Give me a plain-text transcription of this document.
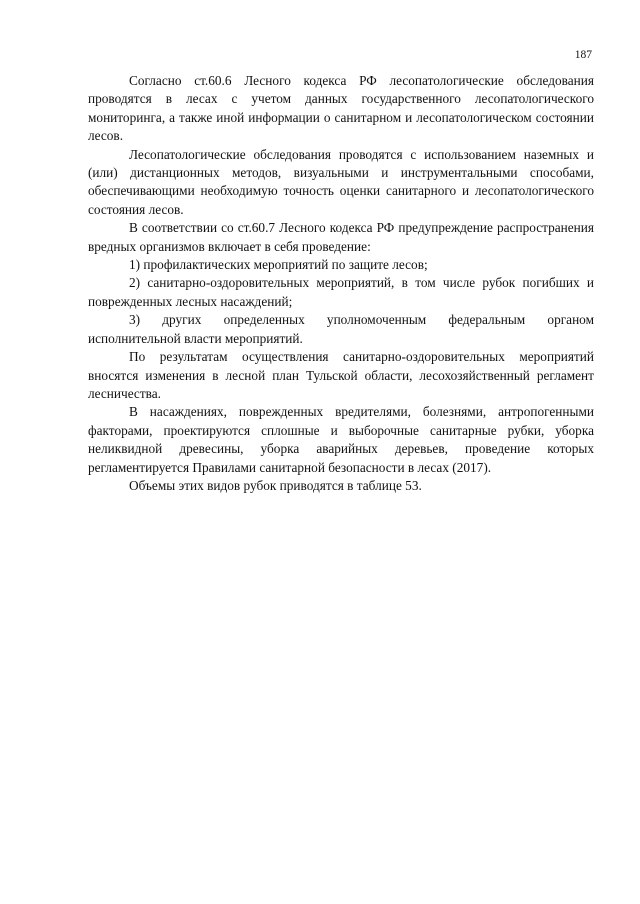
187

Согласно ст.60.6 Лесного кодекса РФ лесопатологические обследования проводятся в лесах с учетом данных государственного лесопатологического мониторинга, а также иной информации о санитарном и лесопатологическом состоянии лесов.

Лесопатологические обследования проводятся с использованием наземных и (или) дистанционных методов, визуальными и инструментальными способами, обеспечивающими необходимую точность оценки санитарного и лесопатологического состояния лесов.

В соответствии со ст.60.7 Лесного кодекса РФ предупреждение распространения вредных организмов включает в себя проведение:

1) профилактических мероприятий по защите лесов;

2) санитарно-оздоровительных мероприятий, в том числе рубок погибших и поврежденных лесных насаждений;

3) других определенных уполномоченным федеральным органом исполнительной власти мероприятий.

По результатам осуществления санитарно-оздоровительных мероприятий вносятся изменения в лесной план Тульской области, лесохозяйственный регламент лесничества.

В насаждениях, поврежденных вредителями, болезнями, антропогенными факторами, проектируются сплошные и выборочные санитарные рубки, уборка неликвидной древесины, уборка аварийных деревьев, проведение которых регламентируется Правилами санитарной безопасности в лесах (2017).

Объемы этих видов рубок приводятся в таблице 53.
